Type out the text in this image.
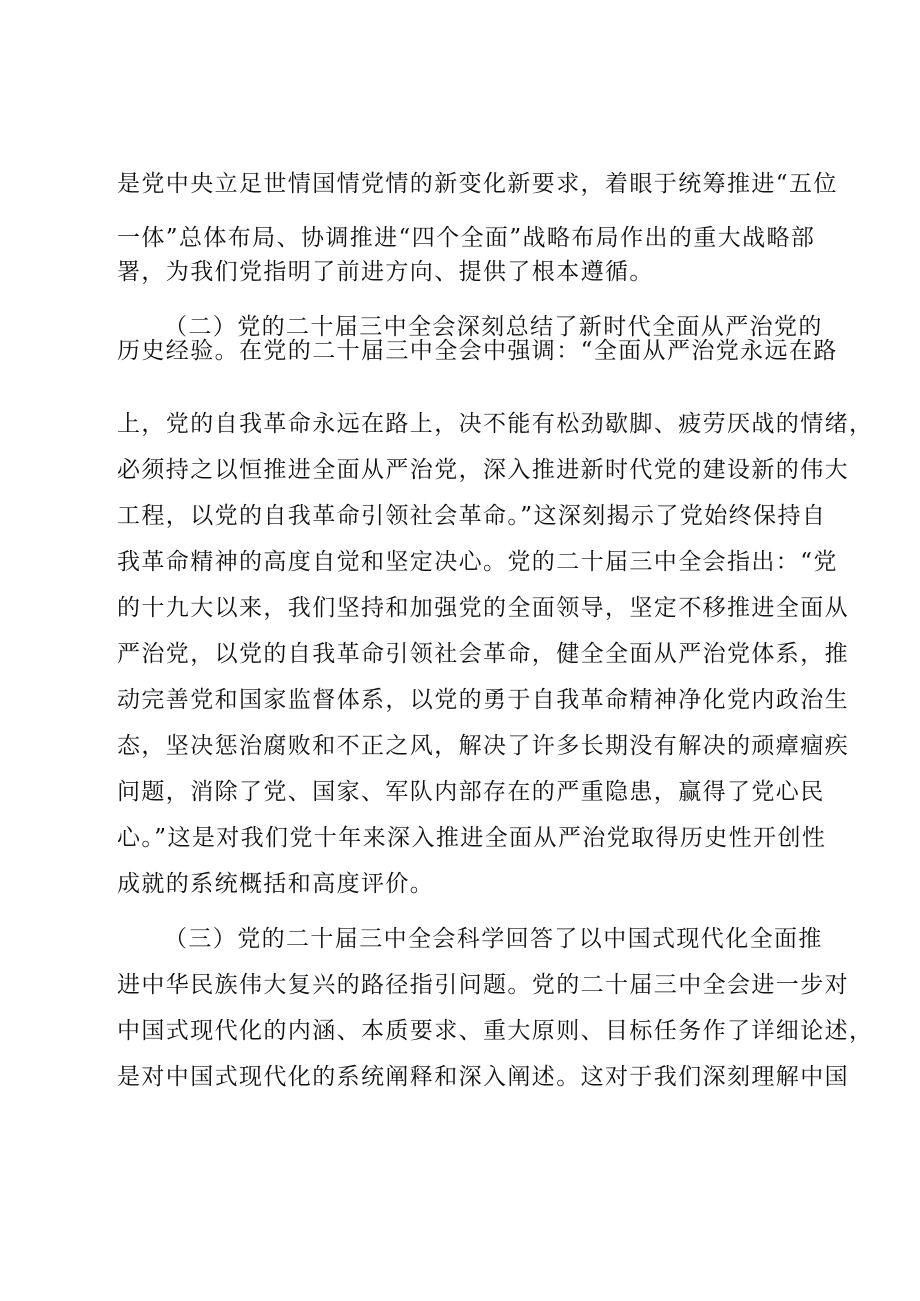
是党中央立足世情国情党情的新变化新要求，着眼于统筹推进“五位
一体”总体布局、协调推进“四个全面”战略布局作出的重大战略部
署，为我们党指明了前进方向、提供了根本遵循。
（二）党的二十届三中全会深刻总结了新时代全面从严治党的
历史经验。在党的二十届三中全会中强调：“全面从严治党永远在路
上，党的自我革命永远在路上，决不能有松劲歇脚、疲劳厌战的情绪，
必须持之以恒推进全面从严治党，深入推进新时代党的建设新的伟大
工程，以党的自我革命引领社会革命。”这深刻揭示了党始终保持自
我革命精神的高度自觉和坚定决心。党的二十届三中全会指出：“党
的十九大以来，我们坚持和加强党的全面领导，坚定不移推进全面从
严治党，以党的自我革命引领社会革命，健全全面从严治党体系，推
动完善党和国家监督体系，以党的勇于自我革命精神净化党内政治生
态，坚决惩治腐败和不正之风，解决了许多长期没有解决的顽瘴痼疾
问题，消除了党、国家、军队内部存在的严重隐患，赢得了党心民
心。”这是对我们党十年来深入推进全面从严治党取得历史性开创性
成就的系统概括和高度评价。
（三）党的二十届三中全会科学回答了以中国式现代化全面推
进中华民族伟大复兴的路径指引问题。党的二十届三中全会进一步对
中国式现代化的内涵、本质要求、重大原则、目标任务作了详细论述，
是对中国式现代化的系统阐释和深入阐述。这对于我们深刻理解中国
